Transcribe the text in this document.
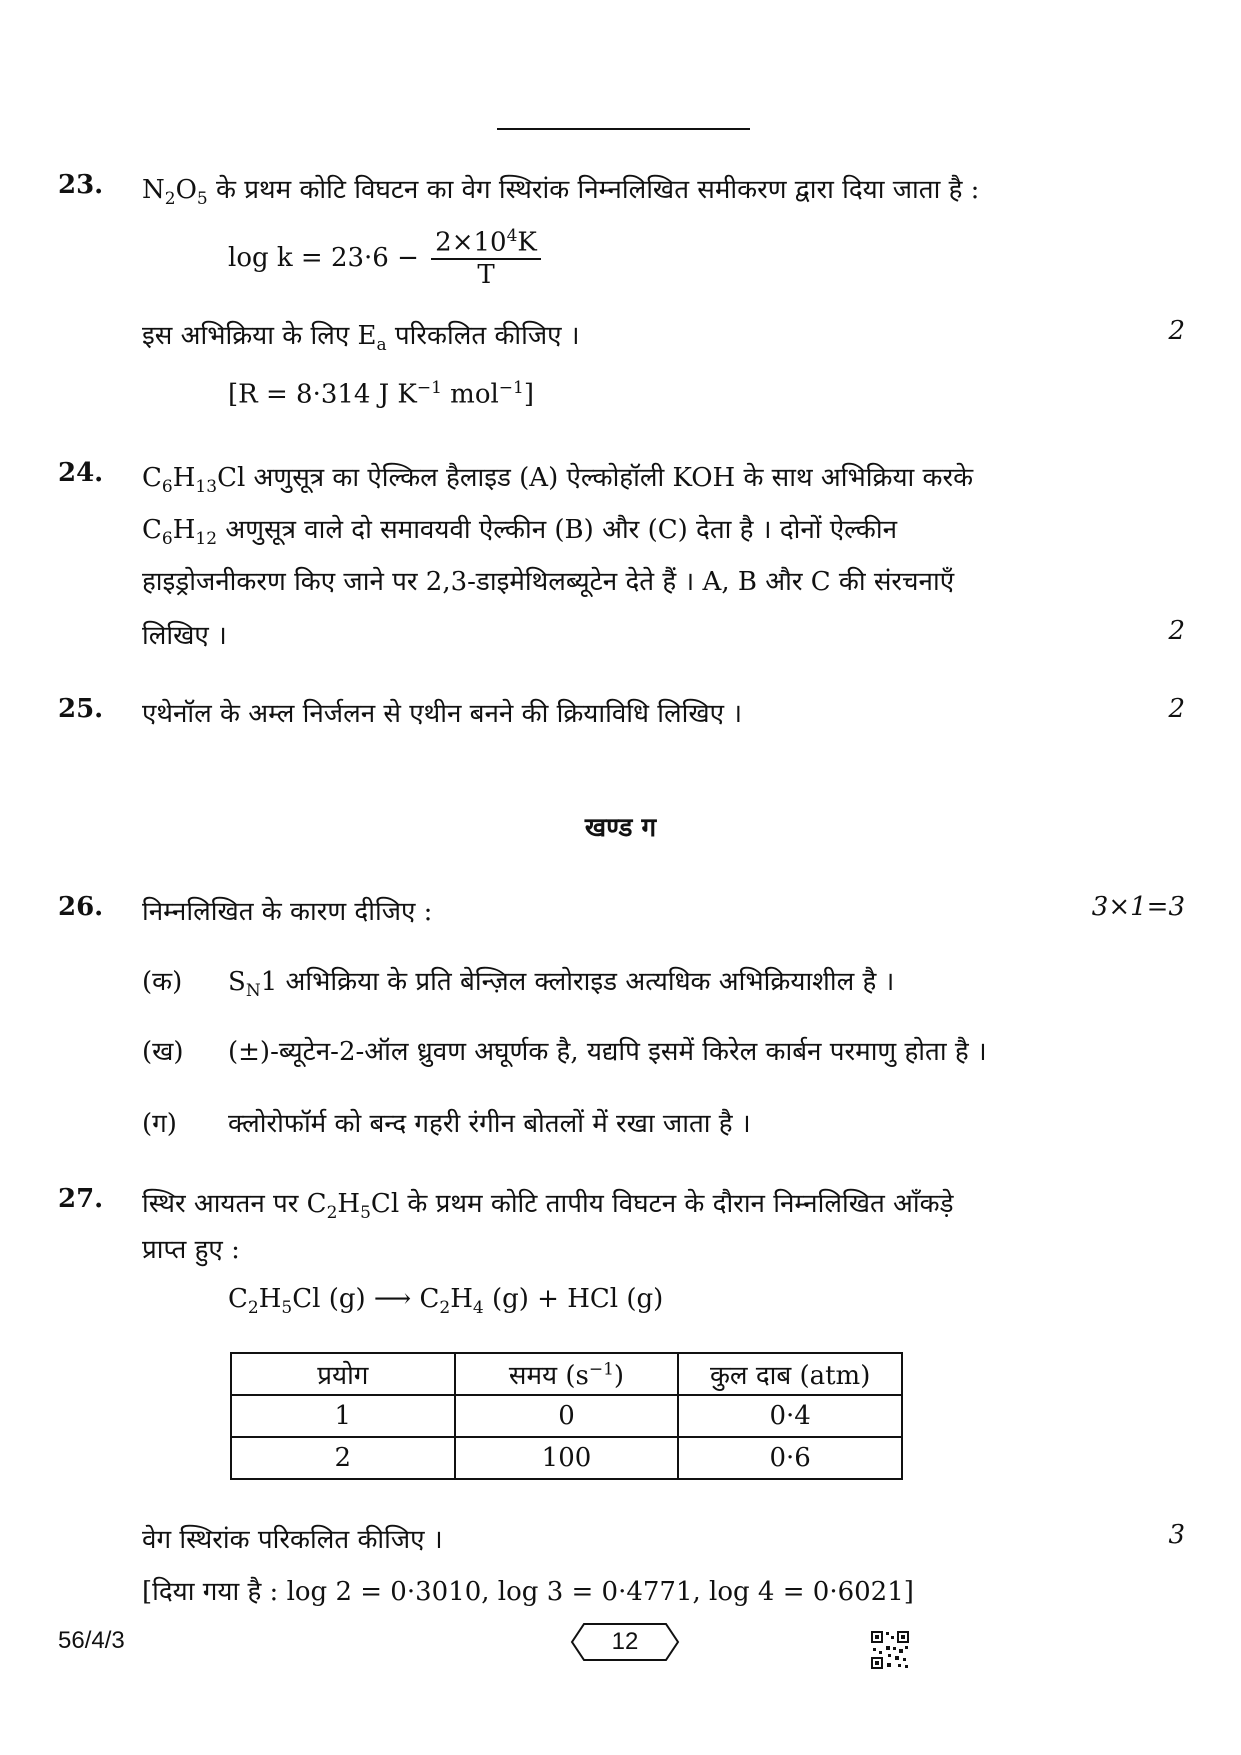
23. $N_2O_5$ के प्रथम कोटि विघटन का वेग स्थिरांक निम्नलिखित समीकरण द्वारा दिया जाता है :
$\log k = 23\cdot 6 - \frac{2\times 10^4K}{T}$
इस अभिक्रिया के लिए $E_a$ परिकलित कीजिए ।	2
[R = 8·314 J $K^{-1}$ mol$^{-1}$]
24. $C_6H_{13}Cl$ अणुसूत्र का ऐल्किल हैलाइड (A) ऐल्कोहॉली KOH के साथ अभिक्रिया करके
$C_6H_{12}$ अणुसूत्र वाले दो समावयवी ऐल्कीन (B) और (C) देता है । दोनों ऐल्कीन
हाइड्रोजनीकरण किए जाने पर 2,3-डाइमेथिलब्यूटेन देते हैं । A, B और C की संरचनाएँ
लिखिए ।	2
25. एथेनॉल के अम्ल निर्जलन से एथीन बनने की क्रियाविधि लिखिए ।	2
खण्ड ग
26. निम्नलिखित के कारण दीजिए :	3×1=3
(क) $S_N1$ अभिक्रिया के प्रति बेन्ज़िल क्लोराइड अत्यधिक अभिक्रियाशील है ।
(ख) (±)-ब्यूटेन-2-ऑल ध्रुवण अघूर्णक है, यद्यपि इसमें किरेल कार्बन परमाणु होता है ।
(ग) क्लोरोफॉर्म को बन्द गहरी रंगीन बोतलों में रखा जाता है ।
27. स्थिर आयतन पर $C_2H_5Cl$ के प्रथम कोटि तापीय विघटन के दौरान निम्नलिखित आँकड़े
प्राप्त हुए :
$C_2H_5Cl$ (g) ⟶ $C_2H_4$ (g) + HCl (g)
प्रयोग	समय $(s^{-1})$	कुल दाब (atm)
1	0	0·4
2	100	0·6
वेग स्थिरांक परिकलित कीजिए ।	3
[दिया गया है : log 2 = 0·3010, log 3 = 0·4771, log 4 = 0·6021]
56/4/3	12
